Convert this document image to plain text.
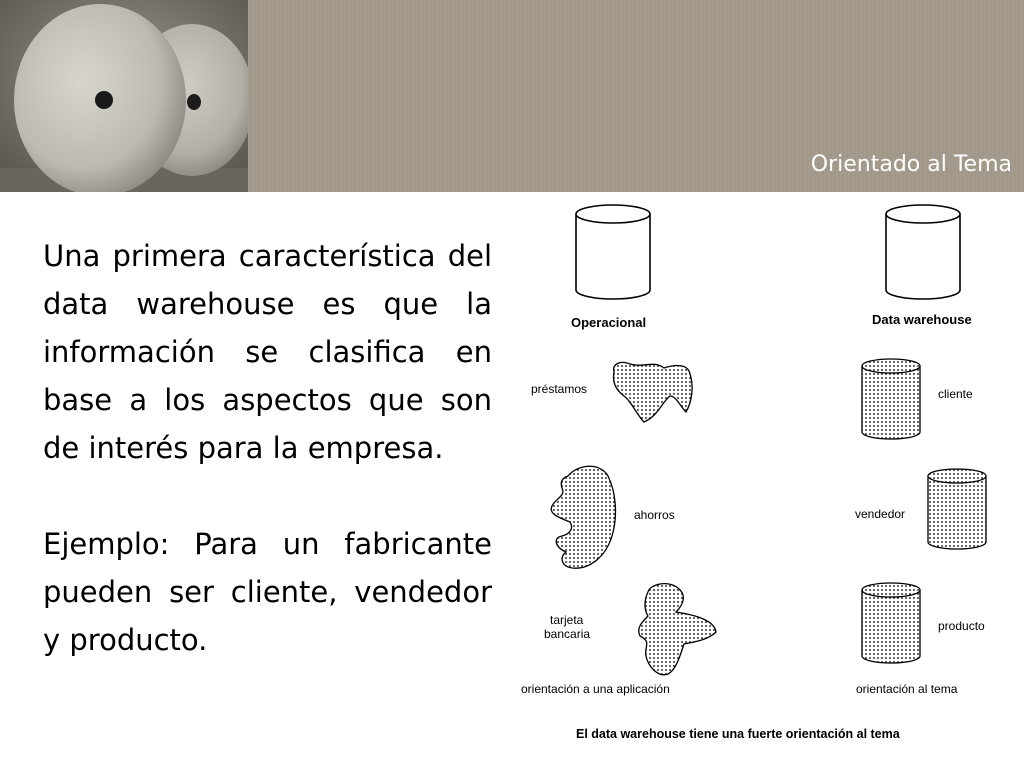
Orientado al Tema

Una primera característica del data warehouse es que la información se clasifica en base a los aspectos que son de interés para la empresa.

Ejemplo: Para un fabricante pueden ser cliente, vendedor y producto.

Operacional	Data warehouse
préstamos
ahorros
tarjeta
bancaria
cliente
vendedor
producto
orientación a una aplicación	orientación al tema
El data warehouse tiene una fuerte orientación al tema
